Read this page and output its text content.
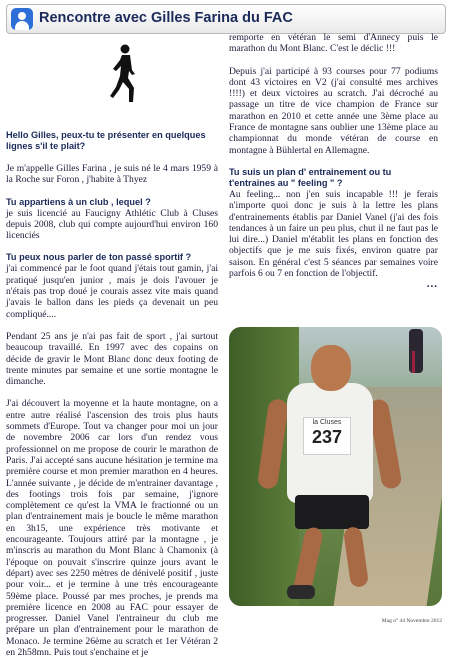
Rencontre avec Gilles Farina du FAC

Hello Gilles, peux-tu te présenter en quelques lignes s'il te plait?

Je m'appelle Gilles Farina , je suis né le 4 mars 1959 à la Roche sur Foron , j'habite à Thyez

Tu appartiens à un club , lequel ?

je suis licencié au Faucigny Athlétic Club à Cluses depuis 2008, club qui compte aujourd'hui environ 160 licenciés

Tu peux nous parler de ton passé sportif ?

j'ai commencé par le foot quand j'étais tout gamin, j'ai pratiqué jusqu'en junior , mais je dois l'avouer je n'étais pas trop doué je courais assez vite mais quand j'avais le ballon dans les pieds ça devenait un peu compliqué....

Pendant 25 ans je n'ai pas fait de sport , j'ai surtout beaucoup travaillé. En 1997 avec des copains on décide de gravir le Mont Blanc donc deux footing de trente minutes par semaine et une sortie montagne le dimanche.

J'ai découvert la moyenne et la haute montagne, on a entre autre réalisé l'ascension des trois plus hauts sommets d'Europe. Tout va changer pour moi un jour de novembre 2006 car lors d'un rendez vous professionnel on me propose de courir le marathon de Paris. J'ai accepté sans aucune hésitation je termine ma première course et mon premier marathon en 4 heures. L'année suivante , je décide de m'entrainer davantage , des footings trois fois par semaine, j'ignore complètement ce qu'est la VMA le fractionné ou un plan d'entrainement mais je boucle le même marathon en 3h15, une expérience très motivante et encourageante. Toujours attiré par la montagne , je m'inscris au marathon du Mont Blanc à Chamonix (à l'époque on pouvait s'inscrire quinze jours avant le départ) avec ses 2250 mètres de dénivelé positif , juste pour voir... et je termine à une très encourageante 59ème place. Poussé par mes proches, je prends ma première licence en 2008 au FAC pour essayer de progresser. Daniel Vanel l'entraineur du club me prépare un plan d'entrainement pour le marathon de Monaco. Je termine 26ème au scratch et 1er Vétéran 2 en 2h58mn. Puis tout s'enchaine et je

remporte en vétéran le semi d'Annecy puis le marathon du Mont Blanc. C'est le déclic !!!

Depuis j'ai participé à 93 courses pour 77 podiums dont 43 victoires en V2 (j'ai consulté mes archives !!!!) et deux victoires au scratch. J'ai décroché au passage un titre de vice champion de France sur marathon en 2010 et cette année une 3ème place au France de montagne sans oublier une 13ème place au championnat du monde vétéran de course en montagne à Bühlertal en Allemagne.

Tu suis un plan d' entrainement ou tu t'entraines au " feeling " ?

Au feeling... non j'en suis incapable !!! je ferais n'importe quoi donc je suis à la lettre les plans d'entrainements établis par Daniel Vanel (j'ai des fois tendances à un faire un peu plus, chut il ne faut pas le lui dire...) Daniel m'établit les plans en fonction des objectifs que je me suis fixés, environ quatre par saison. En général c'est 5 séances par semaines voire parfois 6 ou 7 en fonction de l'objectif.

...

la Cluses
237
Mag n° 44 Novembre 2012
